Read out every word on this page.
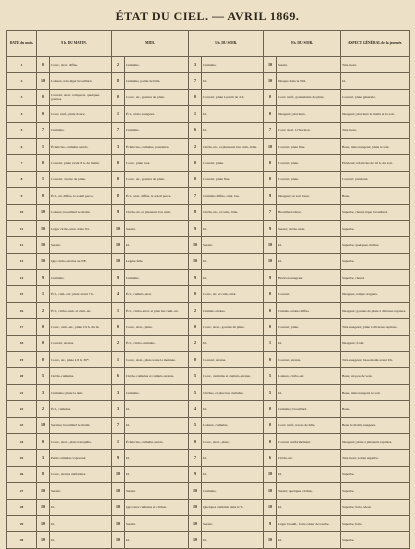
ÉTAT DU CIEL. — AVRIL 1869.
DATE du mois.	9 h. DU MATIN.		MIDI.		3 h. DU SOIR.		9 h. DU SOIR.		ASPECT GÉNÉRAL de la journée.
1	0	Couv., strat. diffus.	2	Cumulus.	3	Cumulus.	10	Serein.	Très-beau.
2	10	Laiteux, très-léger brouillard.	8	Cumulus, partie de hâle.	7	Id.	10	Nuages dans le NO.	Id.
3	0	Couvert, strat. compacte, quelques gouttes.	0	Couv., str., gouttes de pluie.	0	Couvert, pluie à partir de 4 h.	0	Couv. unif., gouttelettes de pluie.	Couvert, pluie générale.
4	0	Couv. unif., pluie douce.	1	Écl., strato-nuageux.	1	Id.	0	Nuageux; pluvieux.	Nuageux; pluvieux le matin et le soir.
5	7	Cumulus.	7	Cumulus.	6	Id.	7	Couv. strat. à l'horizon.	Très-beau.
6	1	Éclaircies, cumulus serrés.	3	Éclaircies, cumulus, poussière.	2	Cirrho-str., et plusieurs bas cum., hâle.	10	Couvert, pluie fine.	Beau, mais nuageux; pluie le soir.
7	0	Couvert, pluie avant 8 h. du matin.	0	Couv., pluie rare.	0	Couvert, pluie.	0	Couvert, pluie.	Pluvieux; éclaircies de 10 h. du soir.
8	1	Couvert, averse de pluie.	0	Couv., str., gouttes de pluie.	0	Couvert, pluie fine.	0	Couvert, pluie.	Couvert; pluvieux.
9	0	Écl., str. diffus, le soleil perce.	8	Écl., strat. diffus, le soleil perce.	7	Cumulus diffus, strat. bas.	9	Nuageux; le soir beau.	Beau.
10	10	Laiteux, brouillard le matin.	9	Cirrho-str. et plusieurs bas cum.	8	Cirrho-str., et cum., hâle.	7	Brouillard élevé.	Superbe, chaud, léger brouillard.
11	10	Léger cirrho-strat. dans l'O.	10	Serein.	9	Id.	9	Serein; cirrho-strat.	Superbe.
12	10	Serein.	10	Id.	10	Serein.	10	Id.	Superbe; quelques cirrhus.
13	10	Qqs cirrho-stratus au NE.	10	Légère hâle.	10	Id.	10	Id.	Superbe.
14	9	Cumulus.	9	Cumulus.	9	Id.	9	Horizon nuageux.	Superbe, chaud.
15	1	Écl., cum.-str.; pluie avant 7 h.	4	Écl., cumulo-strat.	0	Couv., str. et cum.-strat.	0	Couvert.	Nuageux, temps orageux.
16	2	Écl., cirrho-cum. et cum.-str.	1	Écl., cirrho-strat. et plus bas cum.-str.	2	Cumulo-stratus.	0	Cumulo-stratus diffus.	Nuageux; gouttes de pluie à diverses reprises.
17	0	Couv., cum.-str., pluie à 9 h. du m.	0	Couv., strat., pluie.	0	Couv., strat., gouttes de pluie.	0	Couvert, pluie.	Très-nuageux; pluie à diverses reprises.
18	0	Couvert, stratus.	2	Écl., cirrho-cumulus.	2	Id.	1	Id.	Nuageux; froid.
19	0	Couv., str., pluie à 8 h. 30ᵐ.	1	Couv., strat., pluie toute la matinée.	0	Couvert, stratus.	0	Couvert, stratus.	Très-nuageux; beau matin avant 9 h.
20	5	Cirrho-cumulus.	6	Cirrho-cumulus et cumulo-stratus.	5	Couv., cumulus et cumulo-stratus.	5	Laiteux, cirrho-str.	Beau; un peu de vent.
21	3	Cumulus; pluie la nuit.	3	Cumulus.	5	Cirrhus, et plus bas cumulus.	5	Id.	Beau, mais nuageux le soir.
22	2	Écl., cumulus.	3	Id.	4	Id.	0	Cumulus; brouillard.	Beau.
23	10	Sereine; brouillard le matin.	7	Id.	5	Laiteux, cumulus.	0	Couv. unif., traces de hâle.	Beau le matin; nuageux.
24	0	Couv., strat., pluie tranquille.	1	Éclaircies, cumulus serrés.	0	Couv., strat., pluie.	0	Couvert uniformément.	Nuageux; pluie à plusieurs reprises.
25	3	Petits cumulus vaporeux.	9	Id.	7	Id.	6	Cirrho-str.	Très-beau; soirée superbe.
26	8	Couv., stratus uniformes.	10	Id.	9	Id.	10	Id.	Superbe.
27	10	Serein.	10	Serein.	10	Cumulus.	10	Serein; quelques cirrhus.	Superbe.
28	10	Id.	10	Qqs rares cumulus et cirrhus.	10	Quelques cumulus dans le S.	10	Id.	Superbe; forte odeur.
29	10	Id.	10	Serein.	10	Serein.	9	Léger brouill., forte odeur de tourbe.	Superbe, frais.
30	10	Id.	10	Id.	10	Id.	10	Id.	Superbe.
